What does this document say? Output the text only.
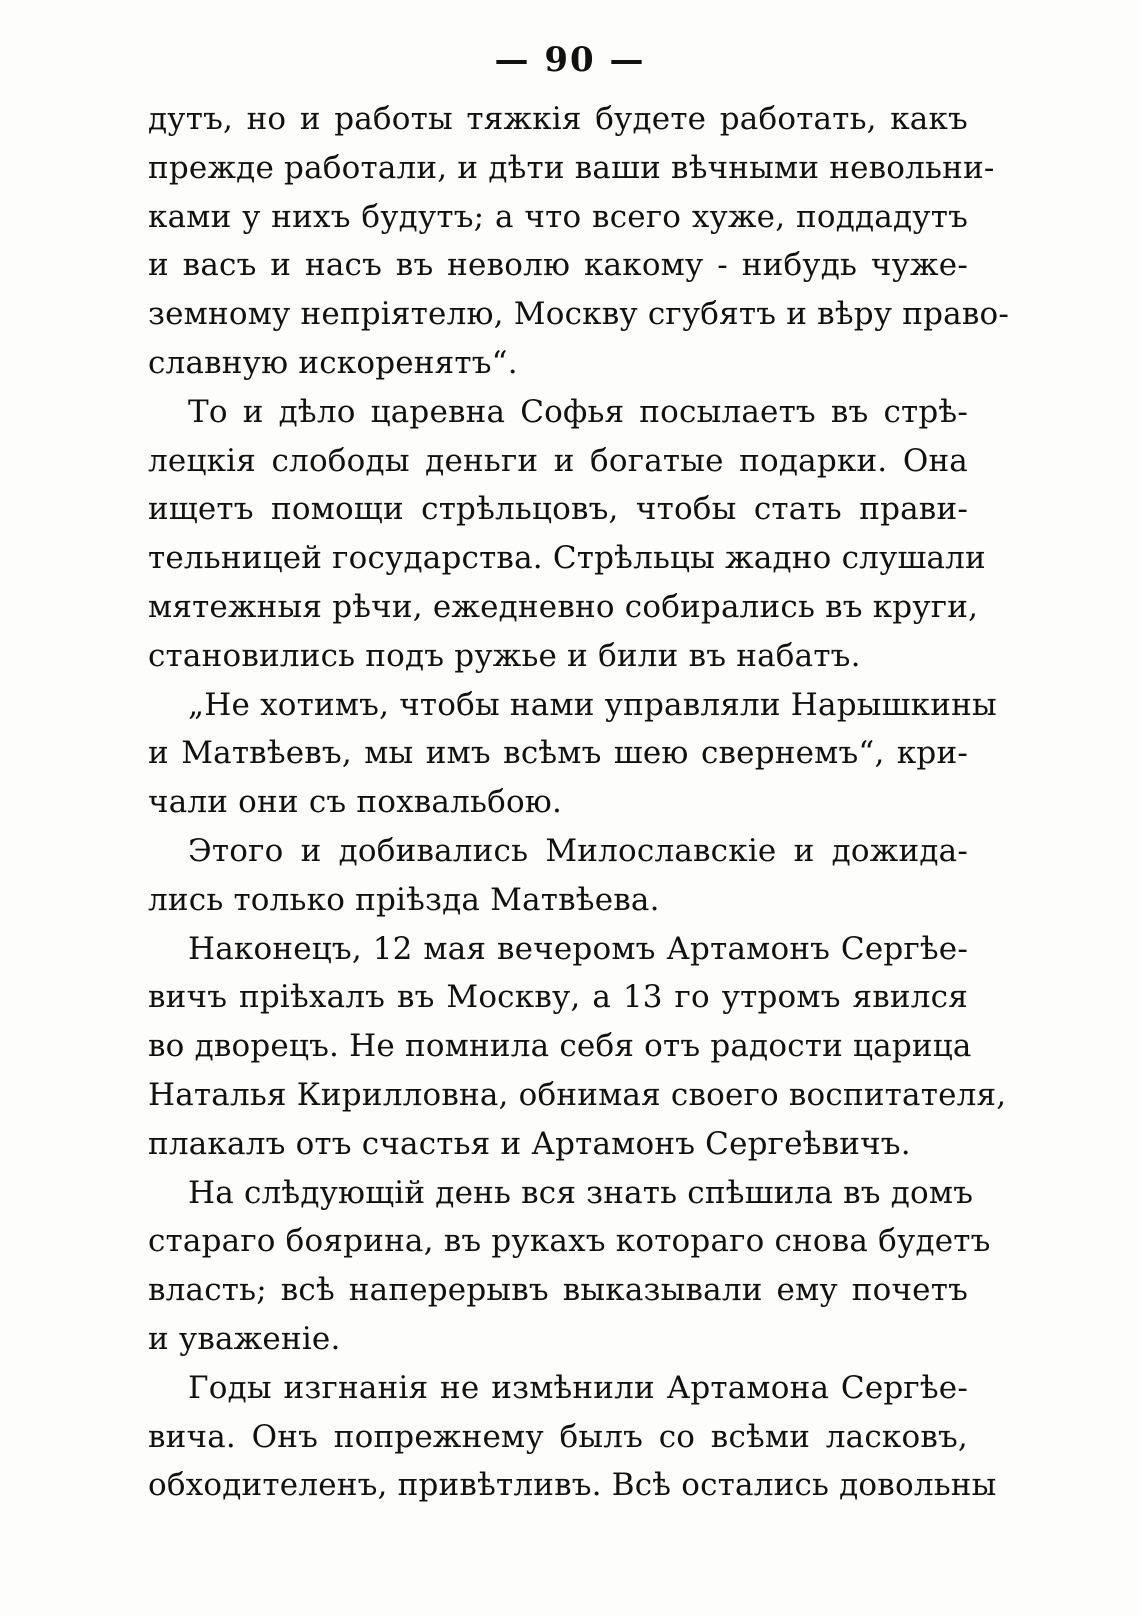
— 90 —
дутъ, но и работы тяжкія будете работать, какъ
прежде работали, и дѣти ваши вѣчными невольни-
ками у нихъ будутъ; а что всего хуже, поддадутъ
и васъ и насъ въ неволю какому - нибудь чуже-
земному непріятелю, Москву сгубятъ и вѣру право-
славную искоренятъ“.
То и дѣло царевна Софья посылаетъ въ стрѣ-
лецкія слободы деньги и богатые подарки. Она
ищетъ помощи стрѣльцовъ, чтобы стать прави-
тельницей государства. Стрѣльцы жадно слушали
мятежныя рѣчи, ежедневно собирались въ круги,
становились подъ ружье и били въ набатъ.
„Не хотимъ, чтобы нами управляли Нарышкины
и Матвѣевъ, мы имъ всѣмъ шею свернемъ“, кри-
чали они съ похвальбою.
Этого и добивались Милославскіе и дожида-
лись только пріѣзда Матвѣева.
Наконецъ, 12 мая вечеромъ Артамонъ Сергѣе-
вичъ пріѣхалъ въ Москву, а 13 го утромъ явился
во дворецъ. Не помнила себя отъ радости царица
Наталья Кирилловна, обнимая своего воспитателя,
плакалъ отъ счастья и Артамонъ Сергеѣвичъ.
На слѣдующій день вся знать спѣшила въ домъ
стараго боярина, въ рукахъ котораго снова будетъ
власть; всѣ наперерывъ выказывали ему почетъ
и уваженіе.
Годы изгнанія не измѣнили Артамона Сергѣе-
вича. Онъ попрежнему былъ со всѣми ласковъ,
обходителенъ, привѣтливъ. Всѣ остались довольны
